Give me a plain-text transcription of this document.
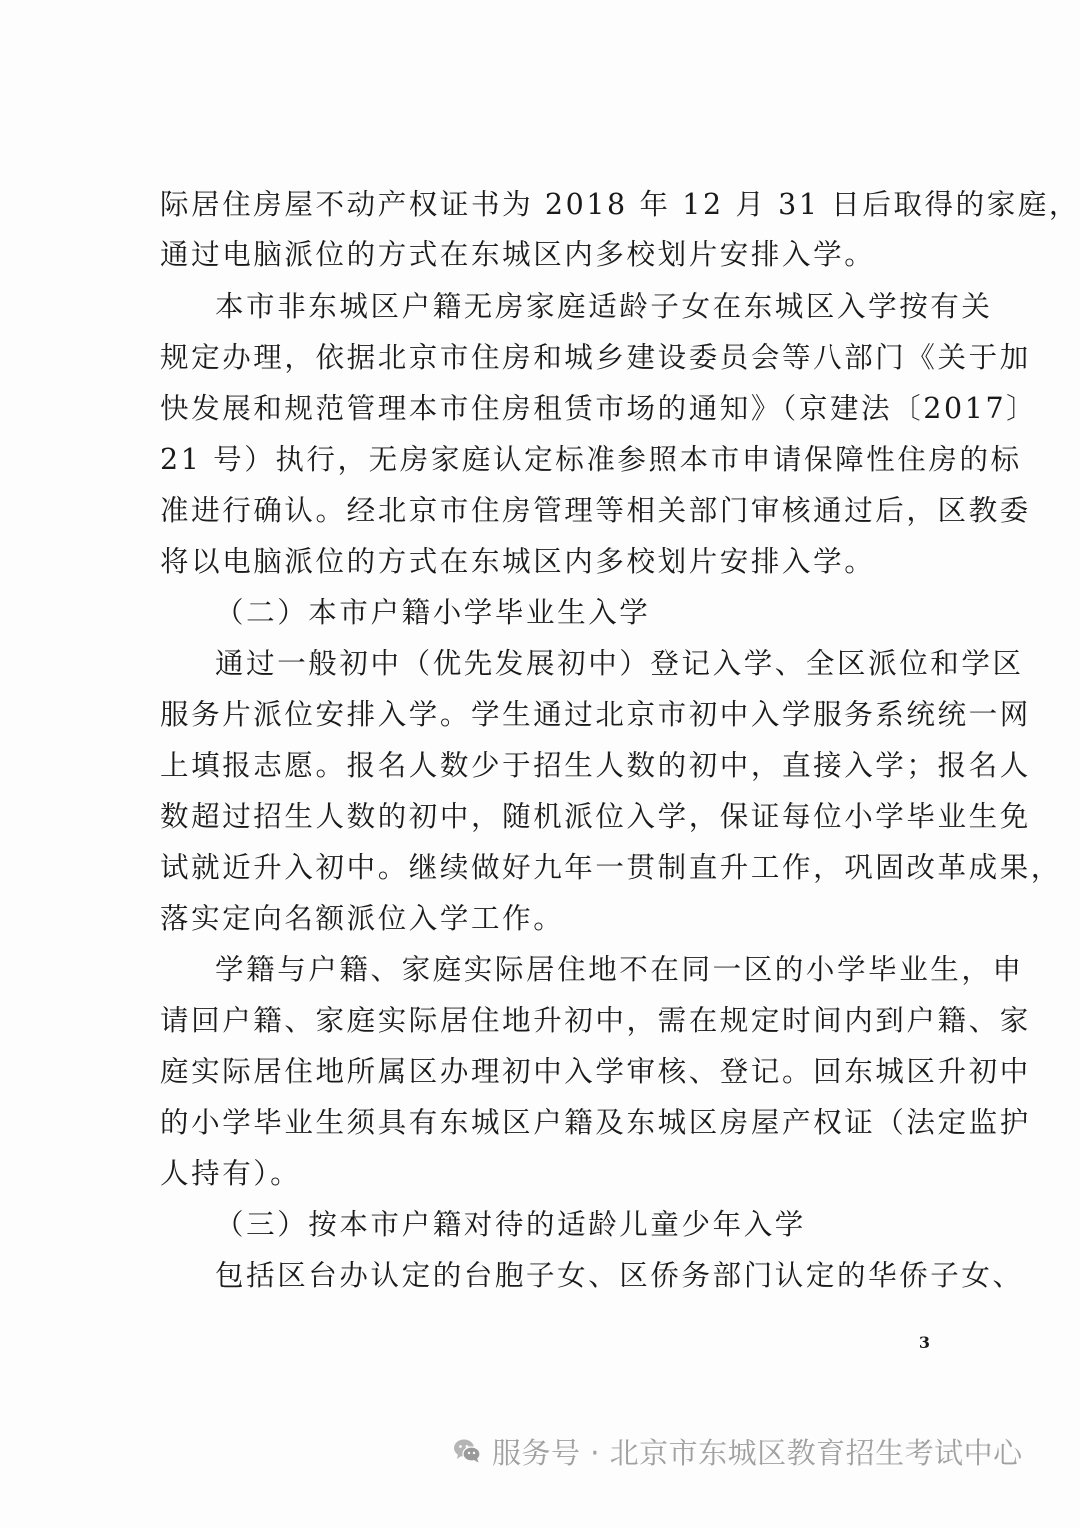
际居住房屋不动产权证书为 2018 年 12 月 31 日后取得的家庭，
通过电脑派位的方式在东城区内多校划片安排入学。
本市非东城区户籍无房家庭适龄子女在东城区入学按有关
规定办理，依据北京市住房和城乡建设委员会等八部门《关于加
快发展和规范管理本市住房租赁市场的通知》（京建法〔2017〕
21 号）执行，无房家庭认定标准参照本市申请保障性住房的标
准进行确认。经北京市住房管理等相关部门审核通过后，区教委
将以电脑派位的方式在东城区内多校划片安排入学。
（二）本市户籍小学毕业生入学
通过一般初中（优先发展初中）登记入学、全区派位和学区
服务片派位安排入学。学生通过北京市初中入学服务系统统一网
上填报志愿。报名人数少于招生人数的初中，直接入学；报名人
数超过招生人数的初中，随机派位入学，保证每位小学毕业生免
试就近升入初中。继续做好九年一贯制直升工作，巩固改革成果，
落实定向名额派位入学工作。
学籍与户籍、家庭实际居住地不在同一区的小学毕业生，申
请回户籍、家庭实际居住地升初中，需在规定时间内到户籍、家
庭实际居住地所属区办理初中入学审核、登记。回东城区升初中
的小学毕业生须具有东城区户籍及东城区房屋产权证（法定监护
人持有）。
（三）按本市户籍对待的适龄儿童少年入学
包括区台办认定的台胞子女、区侨务部门认定的华侨子女、
3
服务号 · 北京市东城区教育招生考试中心
